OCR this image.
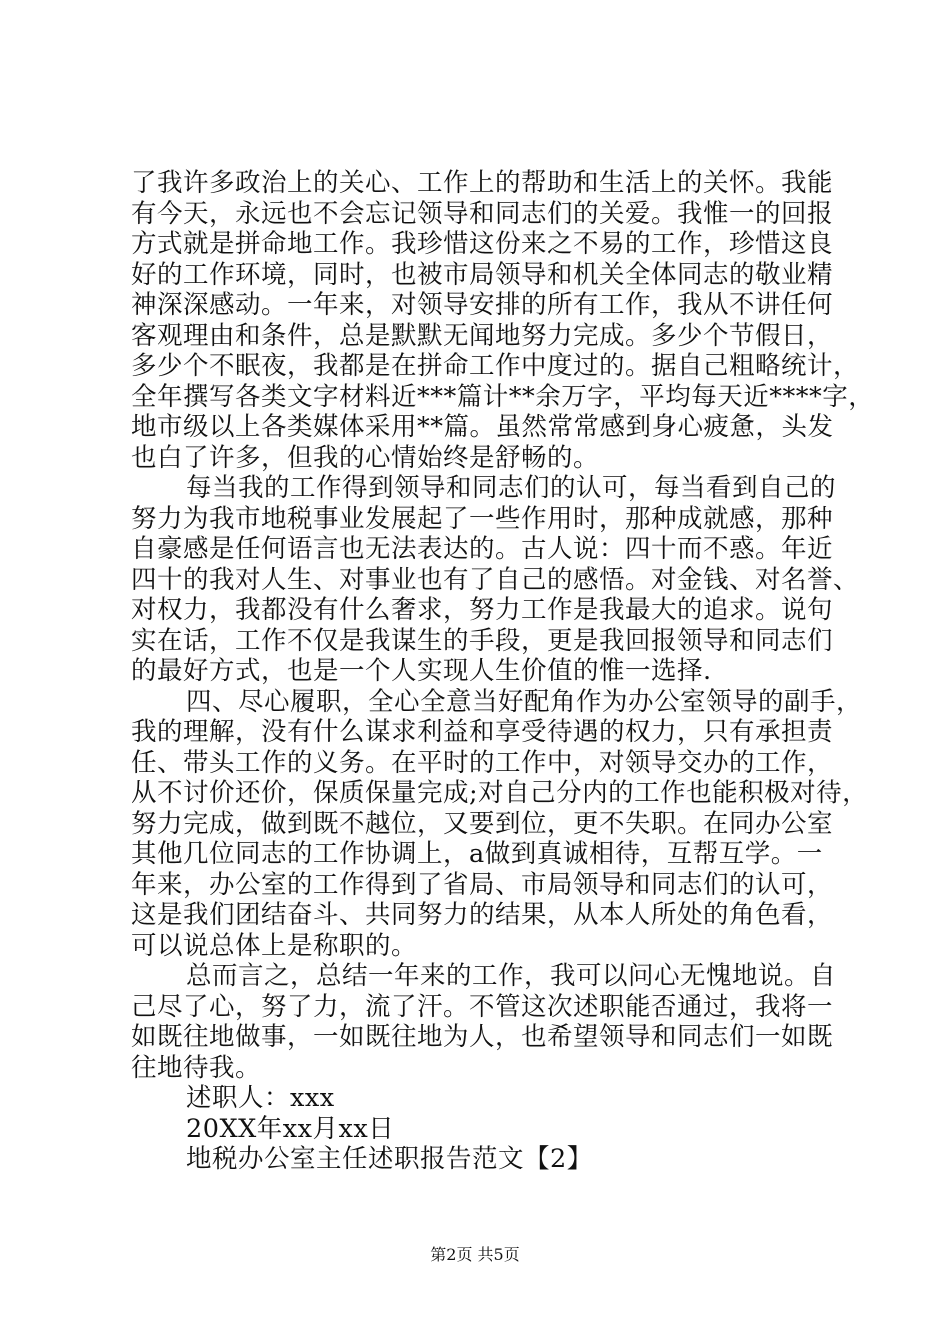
了我许多政治上的关心、工作上的帮助和生活上的关怀。我能
有今天，永远也不会忘记领导和同志们的关爱。我惟一的回报
方式就是拼命地工作。我珍惜这份来之不易的工作，珍惜这良
好的工作环境，同时，也被市局领导和机关全体同志的敬业精
神深深感动。一年来，对领导安排的所有工作，我从不讲任何
客观理由和条件，总是默默无闻地努力完成。多少个节假日，
多少个不眠夜，我都是在拼命工作中度过的。据自己粗略统计，
全年撰写各类文字材料近***篇计**余万字，平均每天近****字，
地市级以上各类媒体采用**篇。虽然常常感到身心疲惫，头发
也白了许多，但我的心情始终是舒畅的。
每当我的工作得到领导和同志们的认可，每当看到自己的
努力为我市地税事业发展起了一些作用时，那种成就感，那种
自豪感是任何语言也无法表达的。古人说：四十而不惑。年近
四十的我对人生、对事业也有了自己的感悟。对金钱、对名誉、
对权力，我都没有什么奢求，努力工作是我最大的追求。说句
实在话，工作不仅是我谋生的手段，更是我回报领导和同志们
的最好方式，也是一个人实现人生价值的惟一选择.
四、尽心履职，全心全意当好配角作为办公室领导的副手，
我的理解，没有什么谋求利益和享受待遇的权力，只有承担责
任、带头工作的义务。在平时的工作中，对领导交办的工作，
从不讨价还价，保质保量完成;对自己分内的工作也能积极对待，
努力完成，做到既不越位，又要到位，更不失职。在同办公室
其他几位同志的工作协调上，a做到真诚相待，互帮互学。一
年来，办公室的工作得到了省局、市局领导和同志们的认可，
这是我们团结奋斗、共同努力的结果，从本人所处的角色看，
可以说总体上是称职的。
总而言之，总结一年来的工作，我可以问心无愧地说。自
己尽了心，努了力，流了汗。不管这次述职能否通过，我将一
如既往地做事，一如既往地为人，也希望领导和同志们一如既
往地待我。
述职人：xxx
20XX年xx月xx日
地税办公室主任述职报告范文【2】
第2页 共5页
